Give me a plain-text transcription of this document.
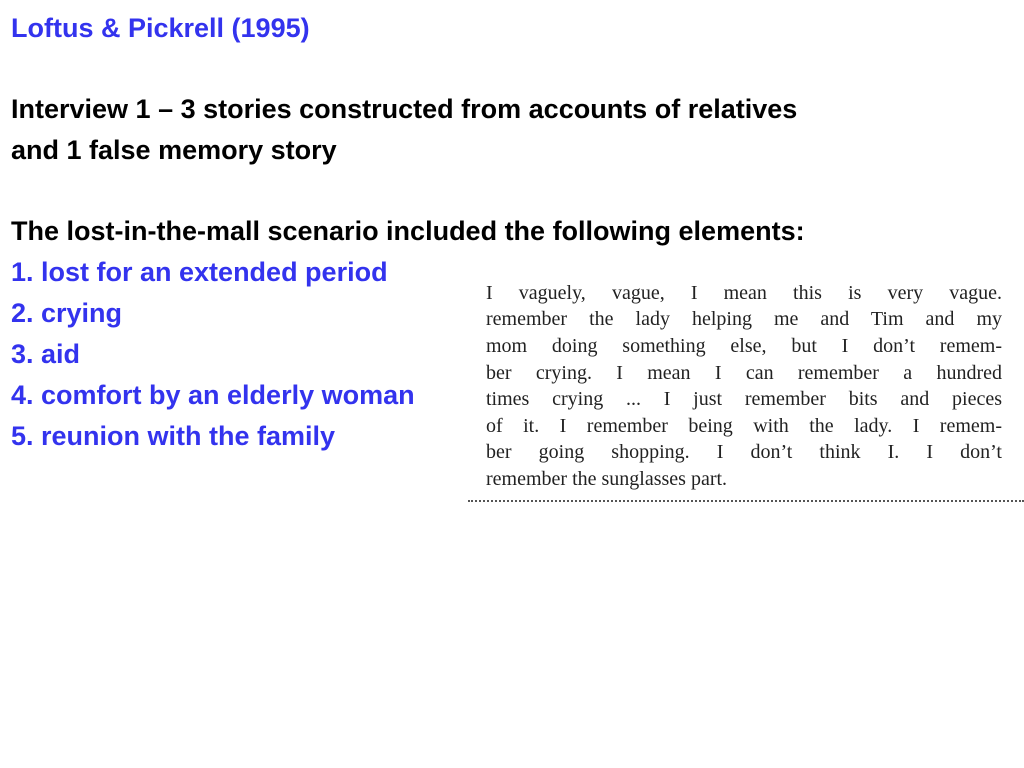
Loftus & Pickrell (1995)
Interview 1 – 3 stories constructed from accounts of relatives
and 1 false memory story
The lost-in-the-mall scenario included the following elements:
1. lost for an extended period
2. crying
3. aid
4. comfort by an elderly woman
5. reunion with the family
I vaguely, vague, I mean this is very vague.
remember the lady helping me and Tim and my
mom doing something else, but I don’t remem-
ber crying. I mean I can remember a hundred
times crying ... I just remember bits and pieces
of it. I remember being with the lady. I remem-
ber going shopping. I don’t think I. I don’t
remember the sunglasses part.
